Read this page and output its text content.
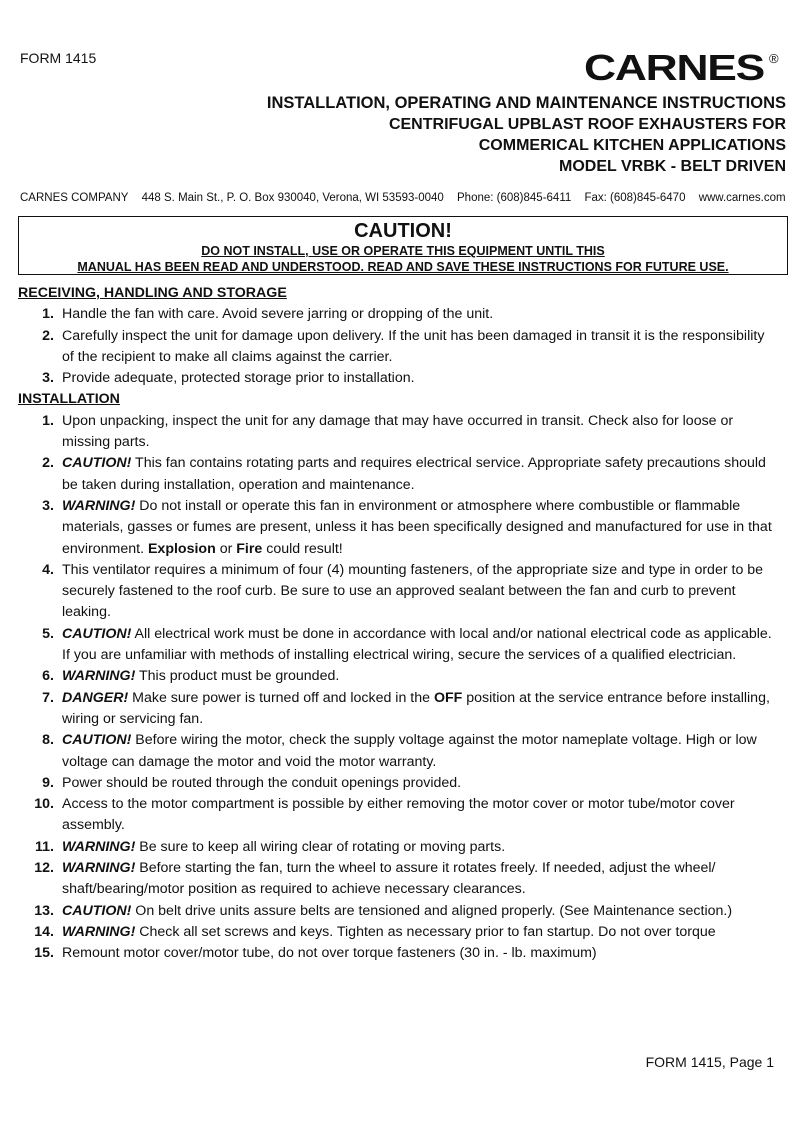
FORM 1415	CARNES ®
INSTALLATION, OPERATING AND MAINTENANCE INSTRUCTIONS
CENTRIFUGAL UPBLAST ROOF EXHAUSTERS FOR
COMMERICAL KITCHEN APPLICATIONS
MODEL VRBK - BELT DRIVEN
CARNES COMPANY 448 S. Main St., P. O. Box 930040, Verona, WI 53593-0040 Phone: (608)845-6411 Fax: (608)845-6470 www.carnes.com
CAUTION!
DO NOT INSTALL, USE OR OPERATE THIS EQUIPMENT UNTIL THIS
MANUAL HAS BEEN READ AND UNDERSTOOD. READ AND SAVE THESE INSTRUCTIONS FOR FUTURE USE.
RECEIVING, HANDLING AND STORAGE
1. Handle the fan with care. Avoid severe jarring or dropping of the unit.
2. Carefully inspect the unit for damage upon delivery. If the unit has been damaged in transit it is the responsibility of the recipient to make all claims against the carrier.
3. Provide adequate, protected storage prior to installation.
INSTALLATION
1. Upon unpacking, inspect the unit for any damage that may have occurred in transit. Check also for loose or missing parts.
2. CAUTION! This fan contains rotating parts and requires electrical service. Appropriate safety precautions should be taken during installation, operation and maintenance.
3. WARNING! Do not install or operate this fan in environment or atmosphere where combustible or flammable materials, gasses or fumes are present, unless it has been specifically designed and manufactured for use in that environment. Explosion or Fire could result!
4. This ventilator requires a minimum of four (4) mounting fasteners, of the appropriate size and type in order to be securely fastened to the roof curb. Be sure to use an approved sealant between the fan and curb to prevent leaking.
5. CAUTION! All electrical work must be done in accordance with local and/or national electrical code as applicable. If you are unfamiliar with methods of installing electrical wiring, secure the services of a qualified electrician.
6. WARNING! This product must be grounded.
7. DANGER! Make sure power is turned off and locked in the OFF position at the service entrance before installing, wiring or servicing fan.
8. CAUTION! Before wiring the motor, check the supply voltage against the motor nameplate voltage. High or low voltage can damage the motor and void the motor warranty.
9. Power should be routed through the conduit openings provided.
10. Access to the motor compartment is possible by either removing the motor cover or motor tube/motor cover assembly.
11. WARNING! Be sure to keep all wiring clear of rotating or moving parts.
12. WARNING! Before starting the fan, turn the wheel to assure it rotates freely. If needed, adjust the wheel/ shaft/bearing/motor position as required to achieve necessary clearances.
13. CAUTION! On belt drive units assure belts are tensioned and aligned properly. (See Maintenance section.)
14. WARNING! Check all set screws and keys. Tighten as necessary prior to fan startup. Do not over torque
15. Remount motor cover/motor tube, do not over torque fasteners (30 in. - lb. maximum)
FORM 1415, Page 1
